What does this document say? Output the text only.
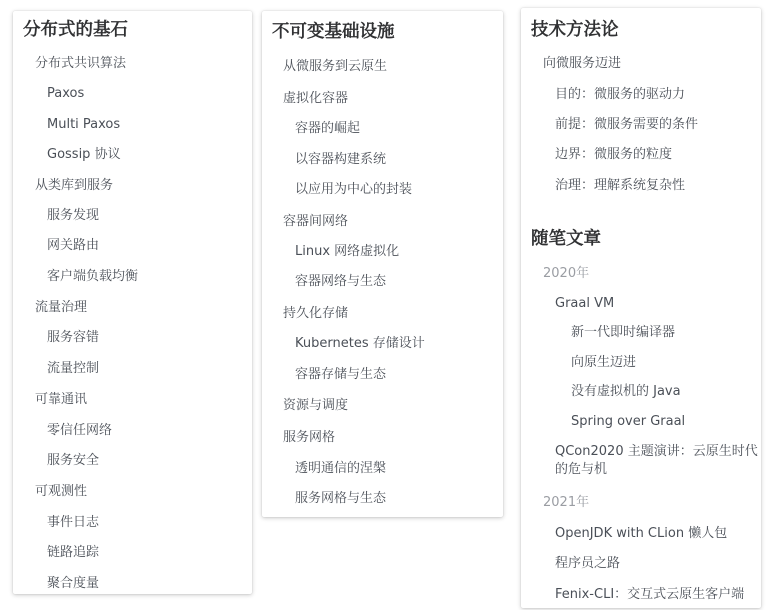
分布式的基石
分布式共识算法
Paxos
Multi Paxos
Gossip 协议
从类库到服务
服务发现
网关路由
客户端负载均衡
流量治理
服务容错
流量控制
可靠通讯
零信任网络
服务安全
可观测性
事件日志
链路追踪
聚合度量
不可变基础设施
从微服务到云原生
虚拟化容器
容器的崛起
以容器构建系统
以应用为中心的封装
容器间网络
Linux 网络虚拟化
容器网络与生态
持久化存储
Kubernetes 存储设计
容器存储与生态
资源与调度
服务网格
透明通信的涅槃
服务网格与生态
技术方法论
向微服务迈进
目的：微服务的驱动力
前提：微服务需要的条件
边界：微服务的粒度
治理：理解系统复杂性
随笔文章
2020年
Graal VM
新一代即时编译器
向原生迈进
没有虚拟机的 Java
Spring over Graal
QCon2020 主题演讲：云原生时代 的危与机
2021年
OpenJDK with CLion 懒人包
程序员之路
Fenix-CLI：交互式云原生客户端
